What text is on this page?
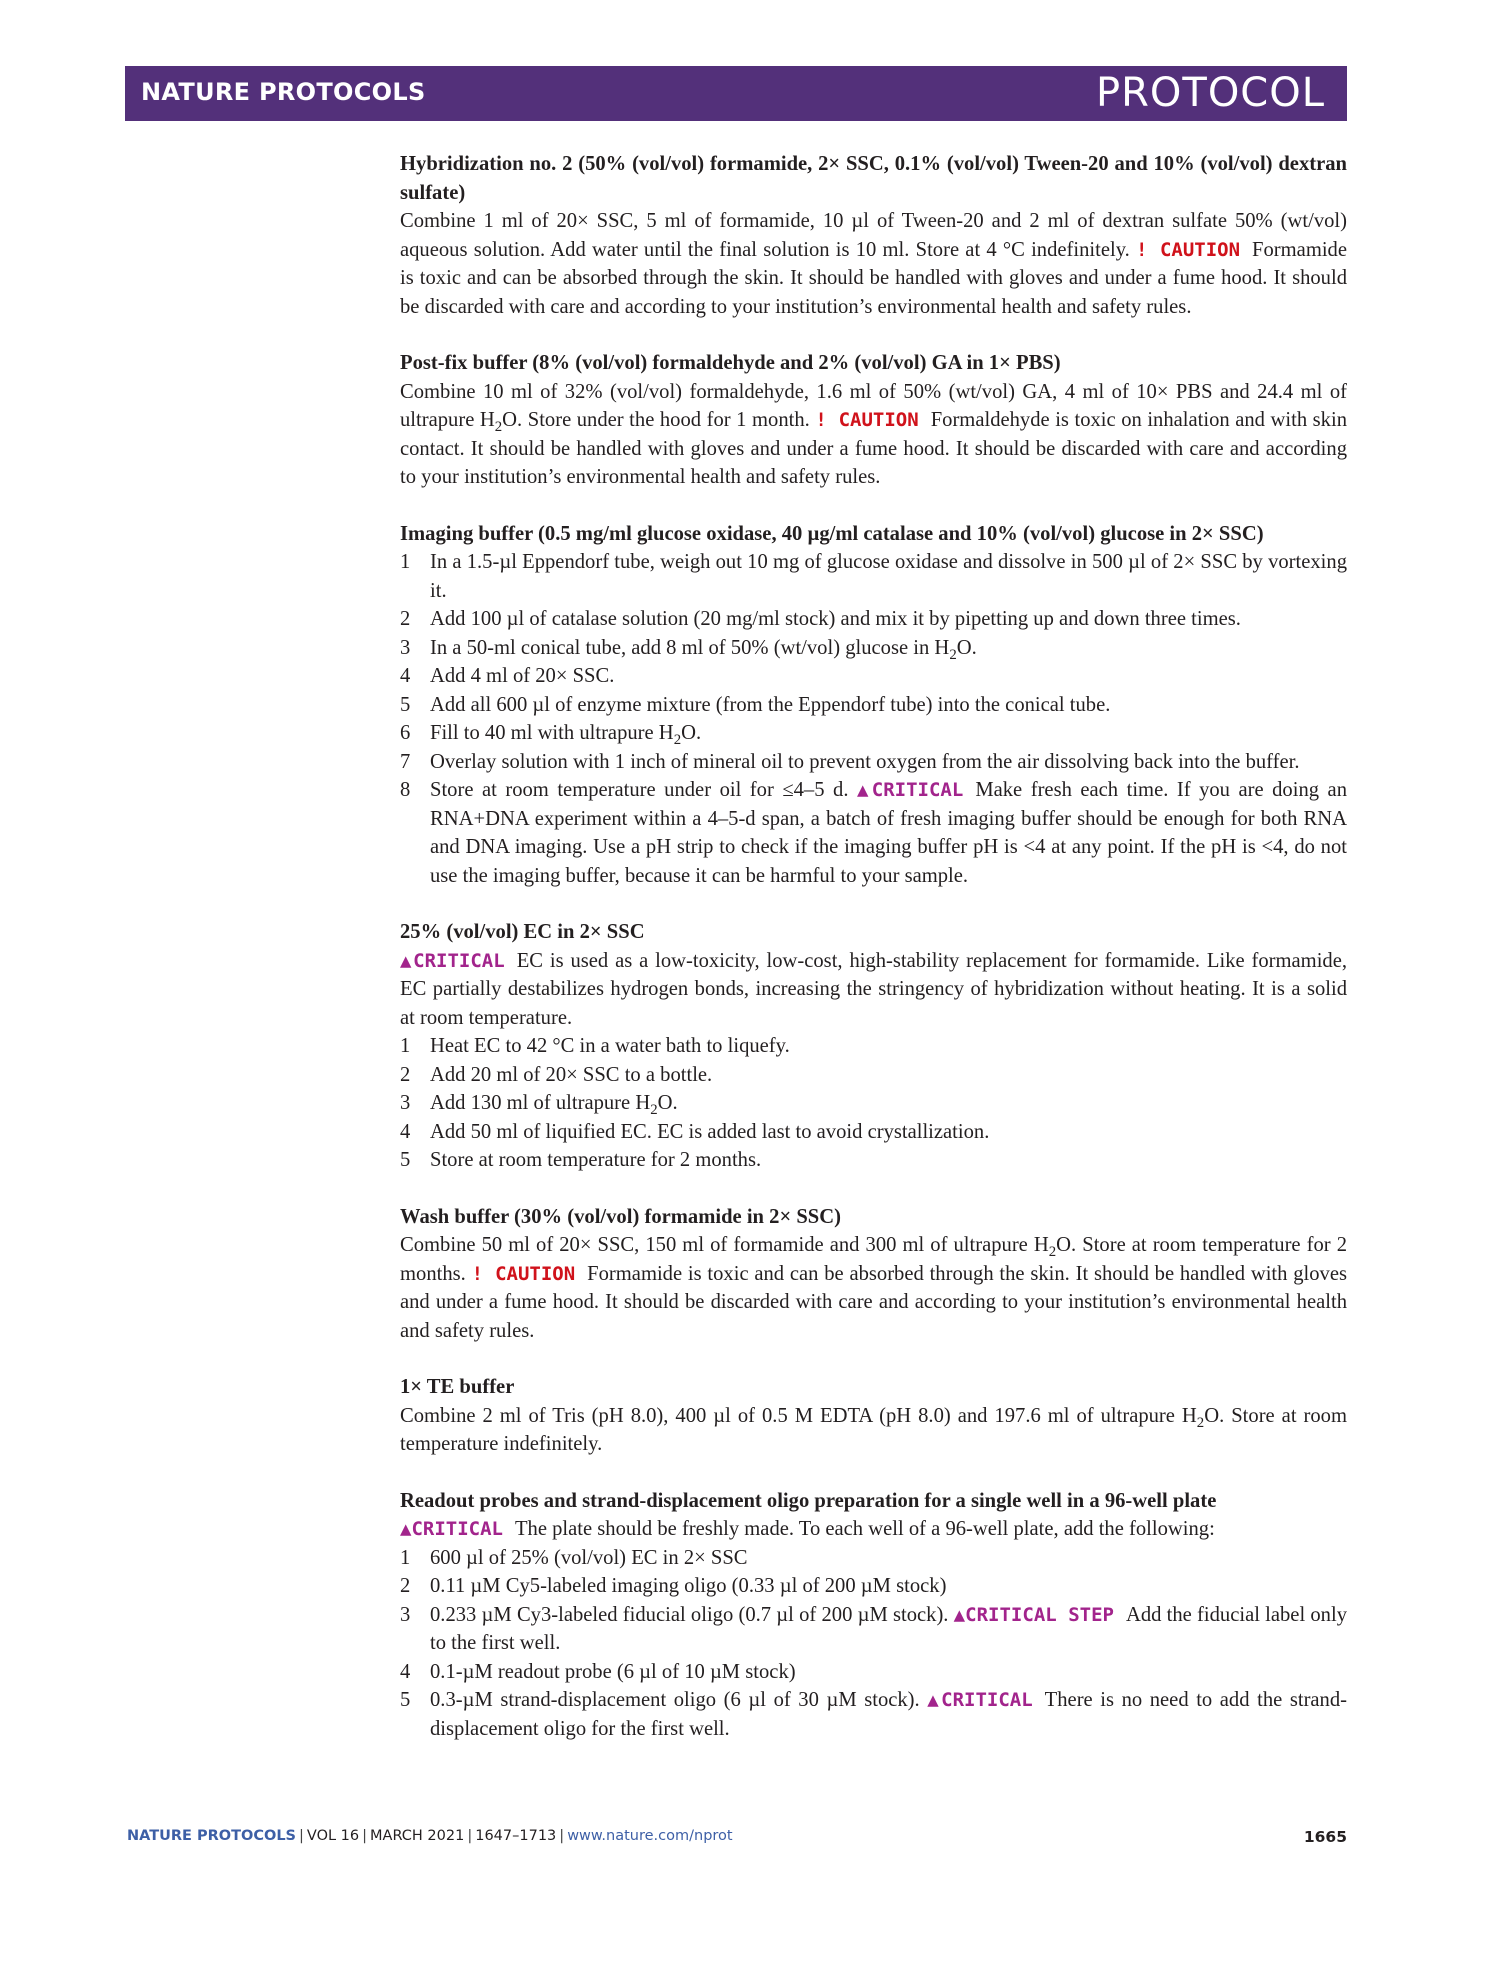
NATURE PROTOCOLS	PROTOCOL
Hybridization no. 2 (50% (vol/vol) formamide, 2× SSC, 0.1% (vol/vol) Tween-20 and 10% (vol/vol) dextran sulfate)

Combine 1 ml of 20× SSC, 5 ml of formamide, 10 µl of Tween-20 and 2 ml of dextran sulfate 50% (wt/vol) aqueous solution. Add water until the final solution is 10 ml. Store at 4 °C indefinitely. ! CAUTION Formamide is toxic and can be absorbed through the skin. It should be handled with gloves and under a fume hood. It should be discarded with care and according to your institution’s environmental health and safety rules.

Post-fix buffer (8% (vol/vol) formaldehyde and 2% (vol/vol) GA in 1× PBS)

Combine 10 ml of 32% (vol/vol) formaldehyde, 1.6 ml of 50% (wt/vol) GA, 4 ml of 10× PBS and 24.4 ml of ultrapure $H_2O$. Store under the hood for 1 month. ! CAUTION Formaldehyde is toxic on inhalation and with skin contact. It should be handled with gloves and under a fume hood. It should be discarded with care and according to your institution’s environmental health and safety rules.

Imaging buffer (0.5 mg/ml glucose oxidase, 40 µg/ml catalase and 10% (vol/vol) glucose in 2× SSC)
1 In a 1.5-µl Eppendorf tube, weigh out 10 mg of glucose oxidase and dissolve in 500 µl of 2× SSC by vortexing it.
2 Add 100 µl of catalase solution (20 mg/ml stock) and mix it by pipetting up and down three times.
3 In a 50-ml conical tube, add 8 ml of 50% (wt/vol) glucose in $H_2O$.
4 Add 4 ml of 20× SSC.
5 Add all 600 µl of enzyme mixture (from the Eppendorf tube) into the conical tube.
6 Fill to 40 ml with ultrapure $H_2O$.
7 Overlay solution with 1 inch of mineral oil to prevent oxygen from the air dissolving back into the buffer.
8 Store at room temperature under oil for ≤4–5 d. ▲CRITICAL Make fresh each time. If you are doing an RNA+DNA experiment within a 4–5-d span, a batch of fresh imaging buffer should be enough for both RNA and DNA imaging. Use a pH strip to check if the imaging buffer pH is <4 at any point. If the pH is <4, do not use the imaging buffer, because it can be harmful to your sample.
25% (vol/vol) EC in 2× SSC

▲CRITICAL EC is used as a low-toxicity, low-cost, high-stability replacement for formamide. Like formamide, EC partially destabilizes hydrogen bonds, increasing the stringency of hybridization without heating. It is a solid at room temperature.

1 Heat EC to 42 °C in a water bath to liquefy.
2 Add 20 ml of 20× SSC to a bottle.
3 Add 130 ml of ultrapure $H_2O$.
4 Add 50 ml of liquified EC. EC is added last to avoid crystallization.
5 Store at room temperature for 2 months.
Wash buffer (30% (vol/vol) formamide in 2× SSC)

Combine 50 ml of 20× SSC, 150 ml of formamide and 300 ml of ultrapure $H_2O$. Store at room temperature for 2 months. ! CAUTION Formamide is toxic and can be absorbed through the skin. It should be handled with gloves and under a fume hood. It should be discarded with care and according to your institution’s environmental health and safety rules.

1× TE buffer

Combine 2 ml of Tris (pH 8.0), 400 µl of 0.5 M EDTA (pH 8.0) and 197.6 ml of ultrapure $H_2O$. Store at room temperature indefinitely.

Readout probes and strand-displacement oligo preparation for a single well in a 96-well plate

▲CRITICAL The plate should be freshly made. To each well of a 96-well plate, add the following:

1 600 µl of 25% (vol/vol) EC in 2× SSC
2 0.11 µM Cy5-labeled imaging oligo (0.33 µl of 200 µM stock)
3 0.233 µM Cy3-labeled fiducial oligo (0.7 µl of 200 µM stock). ▲CRITICAL STEP Add the fiducial label only to the first well.
4 0.1-µM readout probe (6 µl of 10 µM stock)
5 0.3-µM strand-displacement oligo (6 µl of 30 µM stock). ▲CRITICAL There is no need to add the strand-displacement oligo for the first well.
NATURE PROTOCOLS | VOL 16 | MARCH 2021 | 1647–1713 | www.nature.com/nprot	1665
